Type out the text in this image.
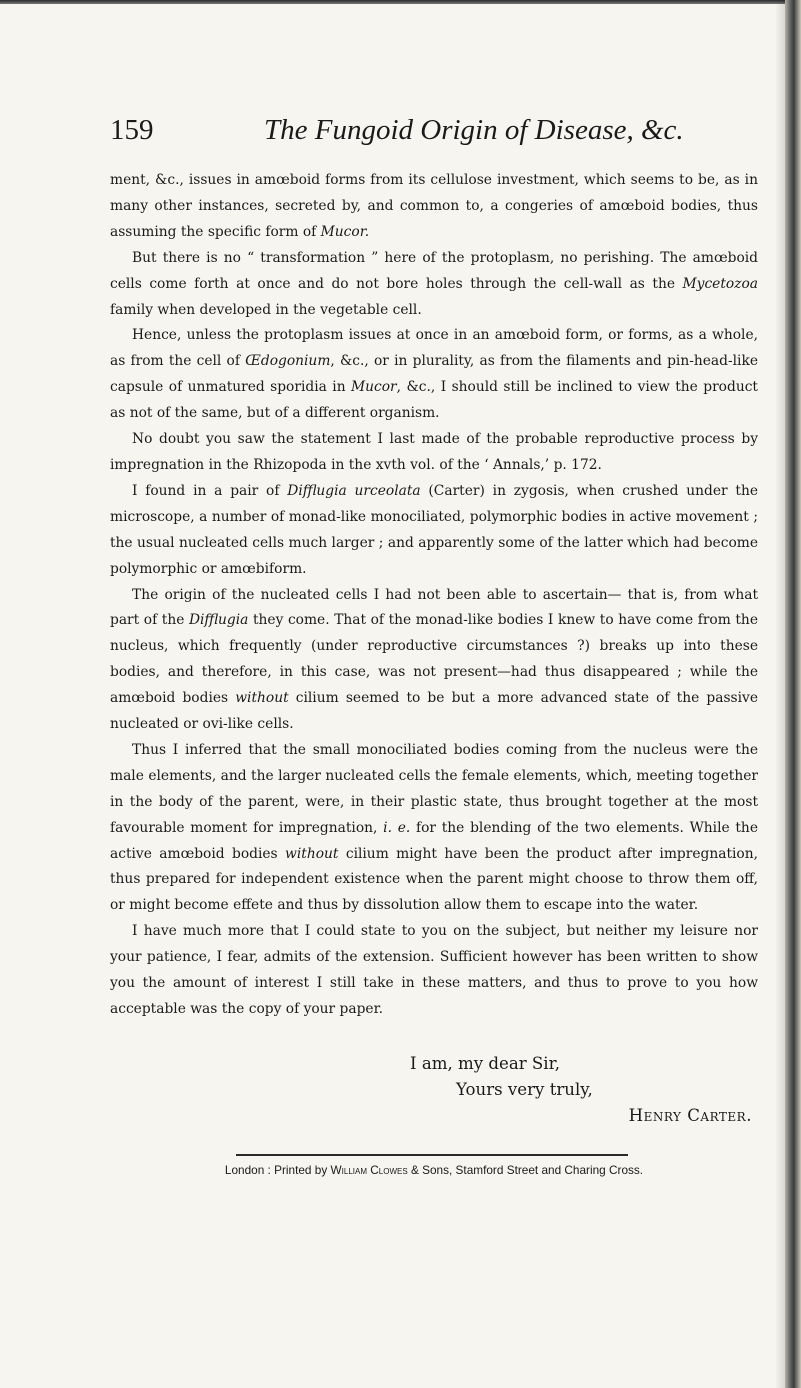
159	The Fungoid Origin of Disease, &c.

ment, &c., issues in amœboid forms from its cellulose investment, which seems to be, as in many other instances, secreted by, and common to, a congeries of amœboid bodies, thus assuming the specific form of Mucor.

But there is no “ transformation ” here of the protoplasm, no perishing. The amœboid cells come forth at once and do not bore holes through the cell-wall as the Mycetozoa family when developed in the vegetable cell.

Hence, unless the protoplasm issues at once in an amœboid form, or forms, as a whole, as from the cell of Œdogonium, &c., or in plurality, as from the filaments and pin-head-like capsule of unmatured sporidia in Mucor, &c., I should still be inclined to view the product as not of the same, but of a different organism.

No doubt you saw the statement I last made of the probable reproductive process by impregnation in the Rhizopoda in the xvth vol. of the ‘ Annals,’ p. 172.

I found in a pair of Difflugia urceolata (Carter) in zygosis, when crushed under the microscope, a number of monad-like monociliated, polymorphic bodies in active movement ; the usual nucleated cells much larger ; and apparently some of the latter which had become polymorphic or amœbiform.

The origin of the nucleated cells I had not been able to ascertain— that is, from what part of the Difflugia they come. That of the monad-like bodies I knew to have come from the nucleus, which frequently (under reproductive circumstances ?) breaks up into these bodies, and therefore, in this case, was not present—had thus disappeared ; while the amœboid bodies without cilium seemed to be but a more advanced state of the passive nucleated or ovi-like cells.

Thus I inferred that the small monociliated bodies coming from the nucleus were the male elements, and the larger nucleated cells the female elements, which, meeting together in the body of the parent, were, in their plastic state, thus brought together at the most favourable moment for impregnation, i. e. for the blending of the two elements. While the active amœboid bodies without cilium might have been the product after impregnation, thus prepared for independent existence when the parent might choose to throw them off, or might become effete and thus by dissolution allow them to escape into the water.

I have much more that I could state to you on the subject, but neither my leisure nor your patience, I fear, admits of the extension. Sufficient however has been written to show you the amount of interest I still take in these matters, and thus to prove to you how acceptable was the copy of your paper.

I am, my dear Sir,
Yours very truly,
Henry Carter.
London : Printed by William Clowes & Sons, Stamford Street and Charing Cross.
